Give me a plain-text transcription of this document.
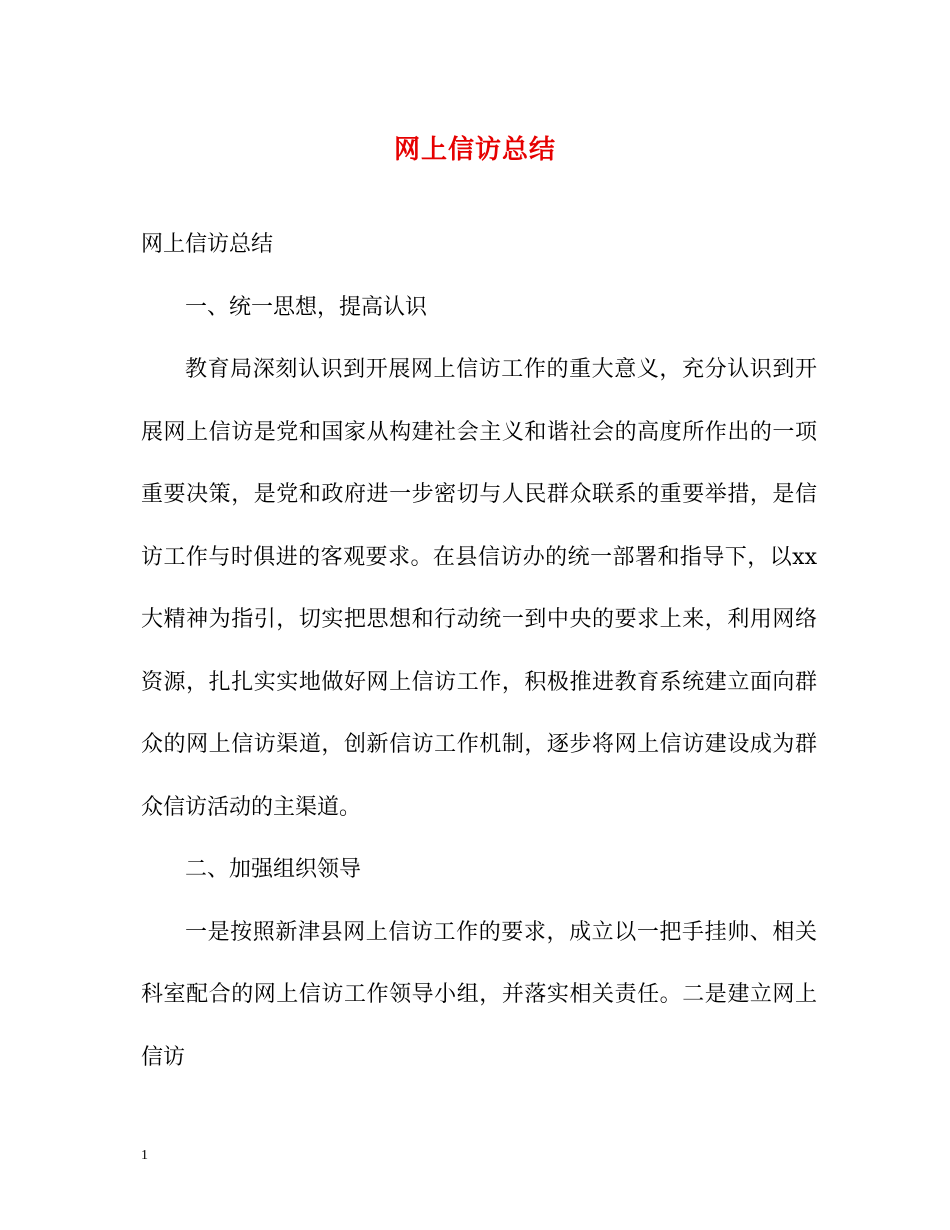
网上信访总结

网上信访总结

一、统一思想，提高认识

教育局深刻认识到开展网上信访工作的重大意义，充分认识到开展网上信访是党和国家从构建社会主义和谐社会的高度所作出的一项重要决策，是党和政府进一步密切与人民群众联系的重要举措，是信访工作与时俱进的客观要求。在县信访办的统一部署和指导下，以xx大精神为指引，切实把思想和行动统一到中央的要求上来，利用网络资源，扎扎实实地做好网上信访工作，积极推进教育系统建立面向群众的网上信访渠道，创新信访工作机制，逐步将网上信访建设成为群众信访活动的主渠道。

二、加强组织领导

一是按照新津县网上信访工作的要求，成立以一把手挂帅、相关科室配合的网上信访工作领导小组，并落实相关责任。二是建立网上信访

1
